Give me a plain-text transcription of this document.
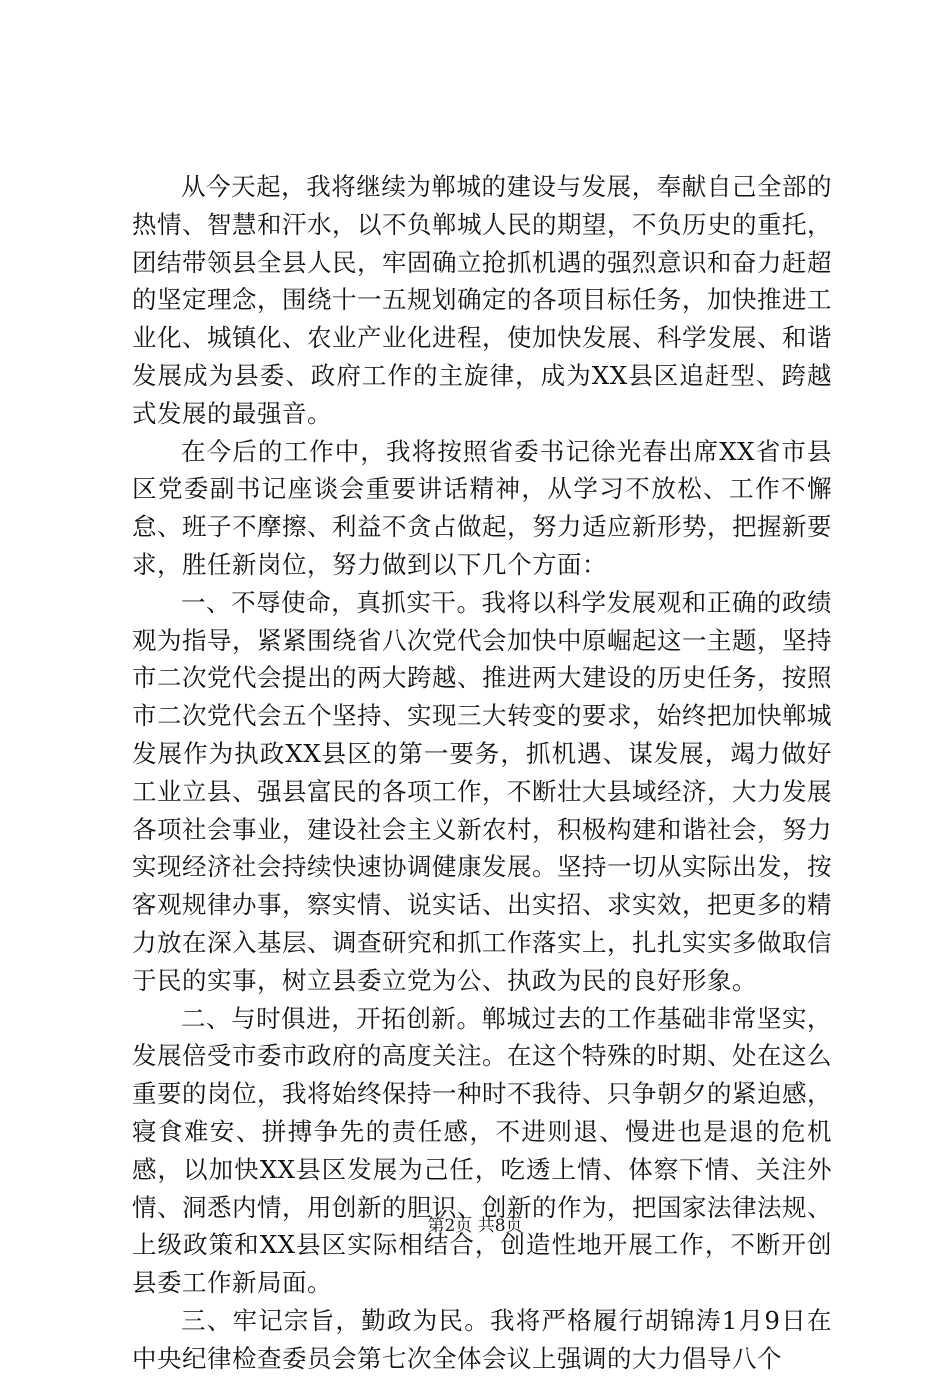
从今天起，我将继续为郸城的建设与发展，奉献自己全部的热情、智慧和汗水，以不负郸城人民的期望，不负历史的重托，团结带领县全县人民，牢固确立抢抓机遇的强烈意识和奋力赶超的坚定理念，围绕十一五规划确定的各项目标任务，加快推进工业化、城镇化、农业产业化进程，使加快发展、科学发展、和谐发展成为县委、政府工作的主旋律，成为XX县区追赶型、跨越式发展的最强音。

在今后的工作中，我将按照省委书记徐光春出席XX省市县区党委副书记座谈会重要讲话精神，从学习不放松、工作不懈怠、班子不摩擦、利益不贪占做起，努力适应新形势，把握新要求，胜任新岗位，努力做到以下几个方面：

一、不辱使命，真抓实干。我将以科学发展观和正确的政绩观为指导，紧紧围绕省八次党代会加快中原崛起这一主题，坚持市二次党代会提出的两大跨越、推进两大建设的历史任务，按照市二次党代会五个坚持、实现三大转变的要求，始终把加快郸城发展作为执政XX县区的第一要务，抓机遇、谋发展，竭力做好工业立县、强县富民的各项工作，不断壮大县域经济，大力发展各项社会事业，建设社会主义新农村，积极构建和谐社会，努力实现经济社会持续快速协调健康发展。坚持一切从实际出发，按客观规律办事，察实情、说实话、出实招、求实效，把更多的精力放在深入基层、调查研究和抓工作落实上，扎扎实实多做取信于民的实事，树立县委立党为公、执政为民的良好形象。

二、与时俱进，开拓创新。郸城过去的工作基础非常坚实，发展倍受市委市政府的高度关注。在这个特殊的时期、处在这么重要的岗位，我将始终保持一种时不我待、只争朝夕的紧迫感，寝食难安、拼搏争先的责任感，不进则退、慢进也是退的危机感，以加快XX县区发展为己任，吃透上情、体察下情、关注外情、洞悉内情，用创新的胆识、创新的作为，把国家法律法规、上级政策和XX县区实际相结合，创造性地开展工作，不断开创县委工作新局面。

三、牢记宗旨，勤政为民。我将严格履行胡锦涛1月9日在中央纪律检查委员会第七次全体会议上强调的大力倡导八个

第2页 共8页
